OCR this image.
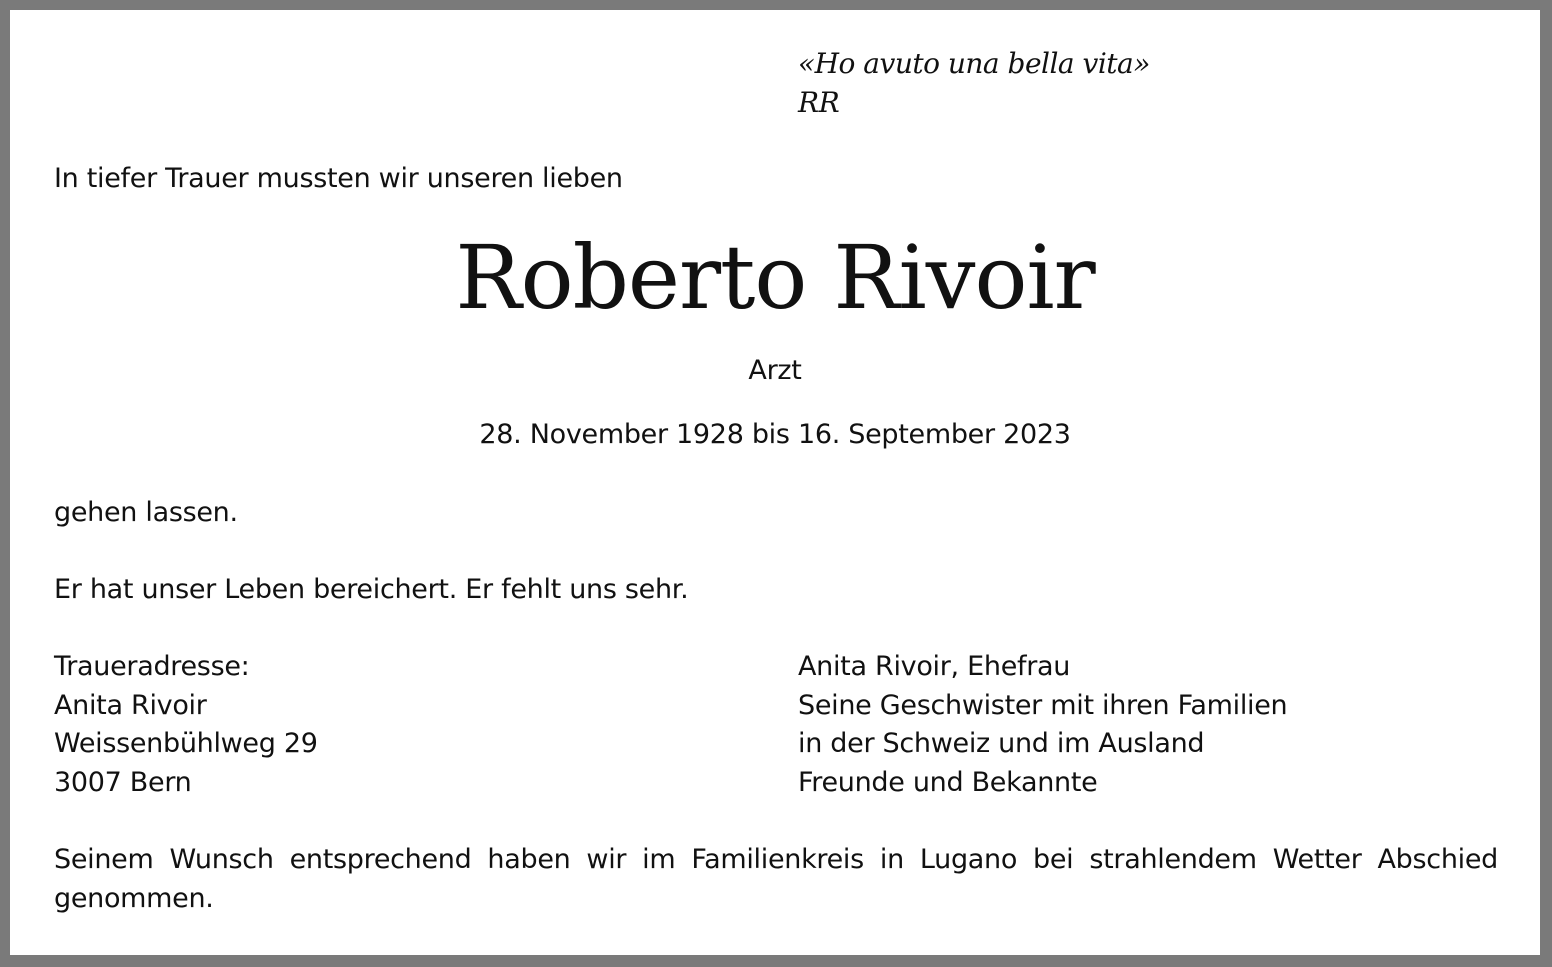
«Ho avuto una bella vita»
RR
In tiefer Trauer mussten wir unseren lieben
Roberto Rivoir
Arzt
28. November 1928 bis 16. September 2023
gehen lassen.
Er hat unser Leben bereichert. Er fehlt uns sehr.
Traueradresse:
Anita Rivoir
Weissenbühlweg 29
3007 Bern
Anita Rivoir, Ehefrau
Seine Geschwister mit ihren Familien
in der Schweiz und im Ausland
Freunde und Bekannte
Seinem Wunsch entsprechend haben wir im Familienkreis in Lugano bei strahlendem Wetter Abschied genommen.
